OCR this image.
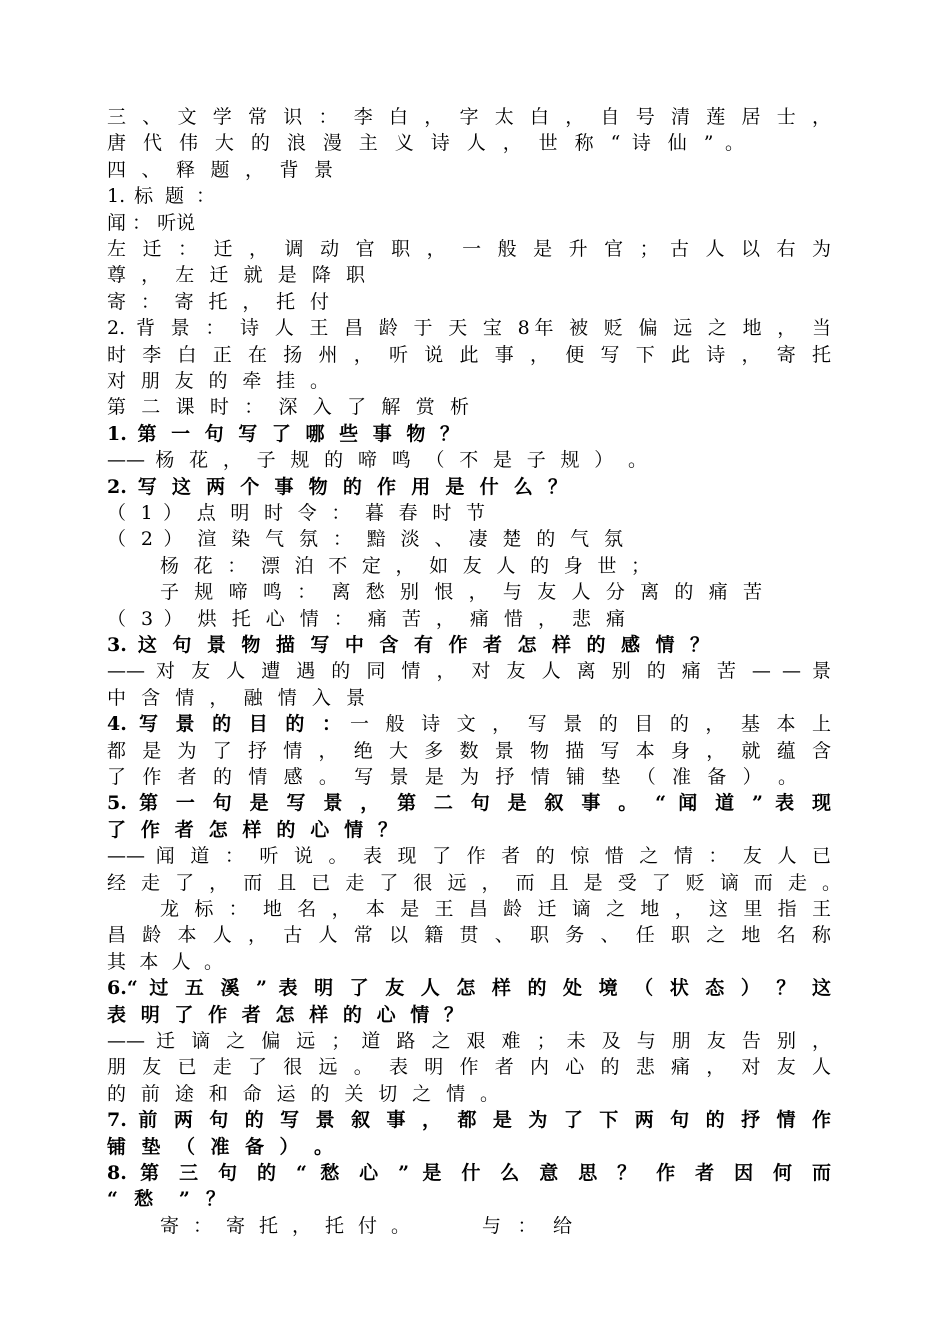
三 、 文 学 常 识 ： 李 白 ， 字 太 白 ， 自 号 清 莲 居 士 ，
唐 代 伟 大 的 浪 漫 主 义 诗 人 ， 世 称 “ 诗 仙 ” 。
四 、 释 题 ， 背 景
1. 标 题 ：
闻 ： 听说
左 迁 ： 迁 ， 调 动 官 职 ， 一 般 是 升 官 ； 古 人 以 右 为
尊 ， 左 迁 就 是 降 职
寄 ： 寄 托 ， 托 付
2. 背 景 ： 诗 人 王 昌 龄 于 天 宝 8年 被 贬 偏 远 之 地 ， 当
时 李 白 正 在 扬 州 ， 听 说 此 事 ， 便 写 下 此 诗 ， 寄 托
对 朋 友 的 牵 挂 。
第 二 课 时 ： 深 入 了 解 赏 析
1. 第 一 句 写 了 哪 些 事 物 ？
—— 杨 花 ， 子 规 的 啼 鸣 （ 不 是 子 规 ） 。
2. 写 这 两 个 事 物 的 作 用 是 什 么 ？
（ 1 ） 点 明 时 令 ： 暮 春 时 节
（ 2 ） 渲 染 气 氛 ： 黯 淡 、 凄 楚 的 气 氛
杨 花 ： 漂 泊 不 定 ， 如 友 人 的 身 世 ；
子 规 啼 鸣 ： 离 愁 别 恨 ， 与 友 人 分 离 的 痛 苦
（ 3 ） 烘 托 心 情 ： 痛 苦 ， 痛 惜 ， 悲 痛
3. 这 句 景 物 描 写 中 含 有 作 者 怎 样 的 感 情 ？
—— 对 友 人 遭 遇 的 同 情 ， 对 友 人 离 别 的 痛 苦 — — 景
中 含 情 ， 融 情 入 景
4. 写 景 的 目 的 ： 一 般 诗 文 ， 写 景 的 目 的 ， 基 本 上
都 是 为 了 抒 情 ， 绝 大 多 数 景 物 描 写 本 身 ， 就 蕴 含
了 作 者 的 情 感 。 写 景 是 为 抒 情 铺 垫 （ 准 备 ） 。
5. 第 一 句 是 写 景 ， 第 二 句 是 叙 事 。 “ 闻 道 ” 表 现
了 作 者 怎 样 的 心 情 ？
—— 闻 道 ： 听 说 。 表 现 了 作 者 的 惊 惜 之 情 ： 友 人 已
经 走 了 ， 而 且 已 走 了 很 远 ， 而 且 是 受 了 贬 谪 而 走 。
龙 标 ： 地 名 ， 本 是 王 昌 龄 迁 谪 之 地 ， 这 里 指 王
昌 龄 本 人 ， 古 人 常 以 籍 贯 、 职 务 、 任 职 之 地 名 称
其 本 人 。
6.“ 过 五 溪 ” 表 明 了 友 人 怎 样 的 处 境 （ 状 态 ） ？ 这
表 明 了 作 者 怎 样 的 心 情 ？
—— 迁 谪 之 偏 远 ； 道 路 之 艰 难 ； 未 及 与 朋 友 告 别 ，
朋 友 已 走 了 很 远 。 表 明 作 者 内 心 的 悲 痛 ， 对 友 人
的 前 途 和 命 运 的 关 切 之 情 。
7. 前 两 句 的 写 景 叙 事 ， 都 是 为 了 下 两 句 的 抒 情 作
铺 垫 （ 准 备 ） 。
8. 第 三 句 的 “ 愁 心 ” 是 什 么 意 思 ？ 作 者 因 何 而
“ 愁 ” ？
寄 ： 寄 托 ， 托 付 。	与 ： 给
